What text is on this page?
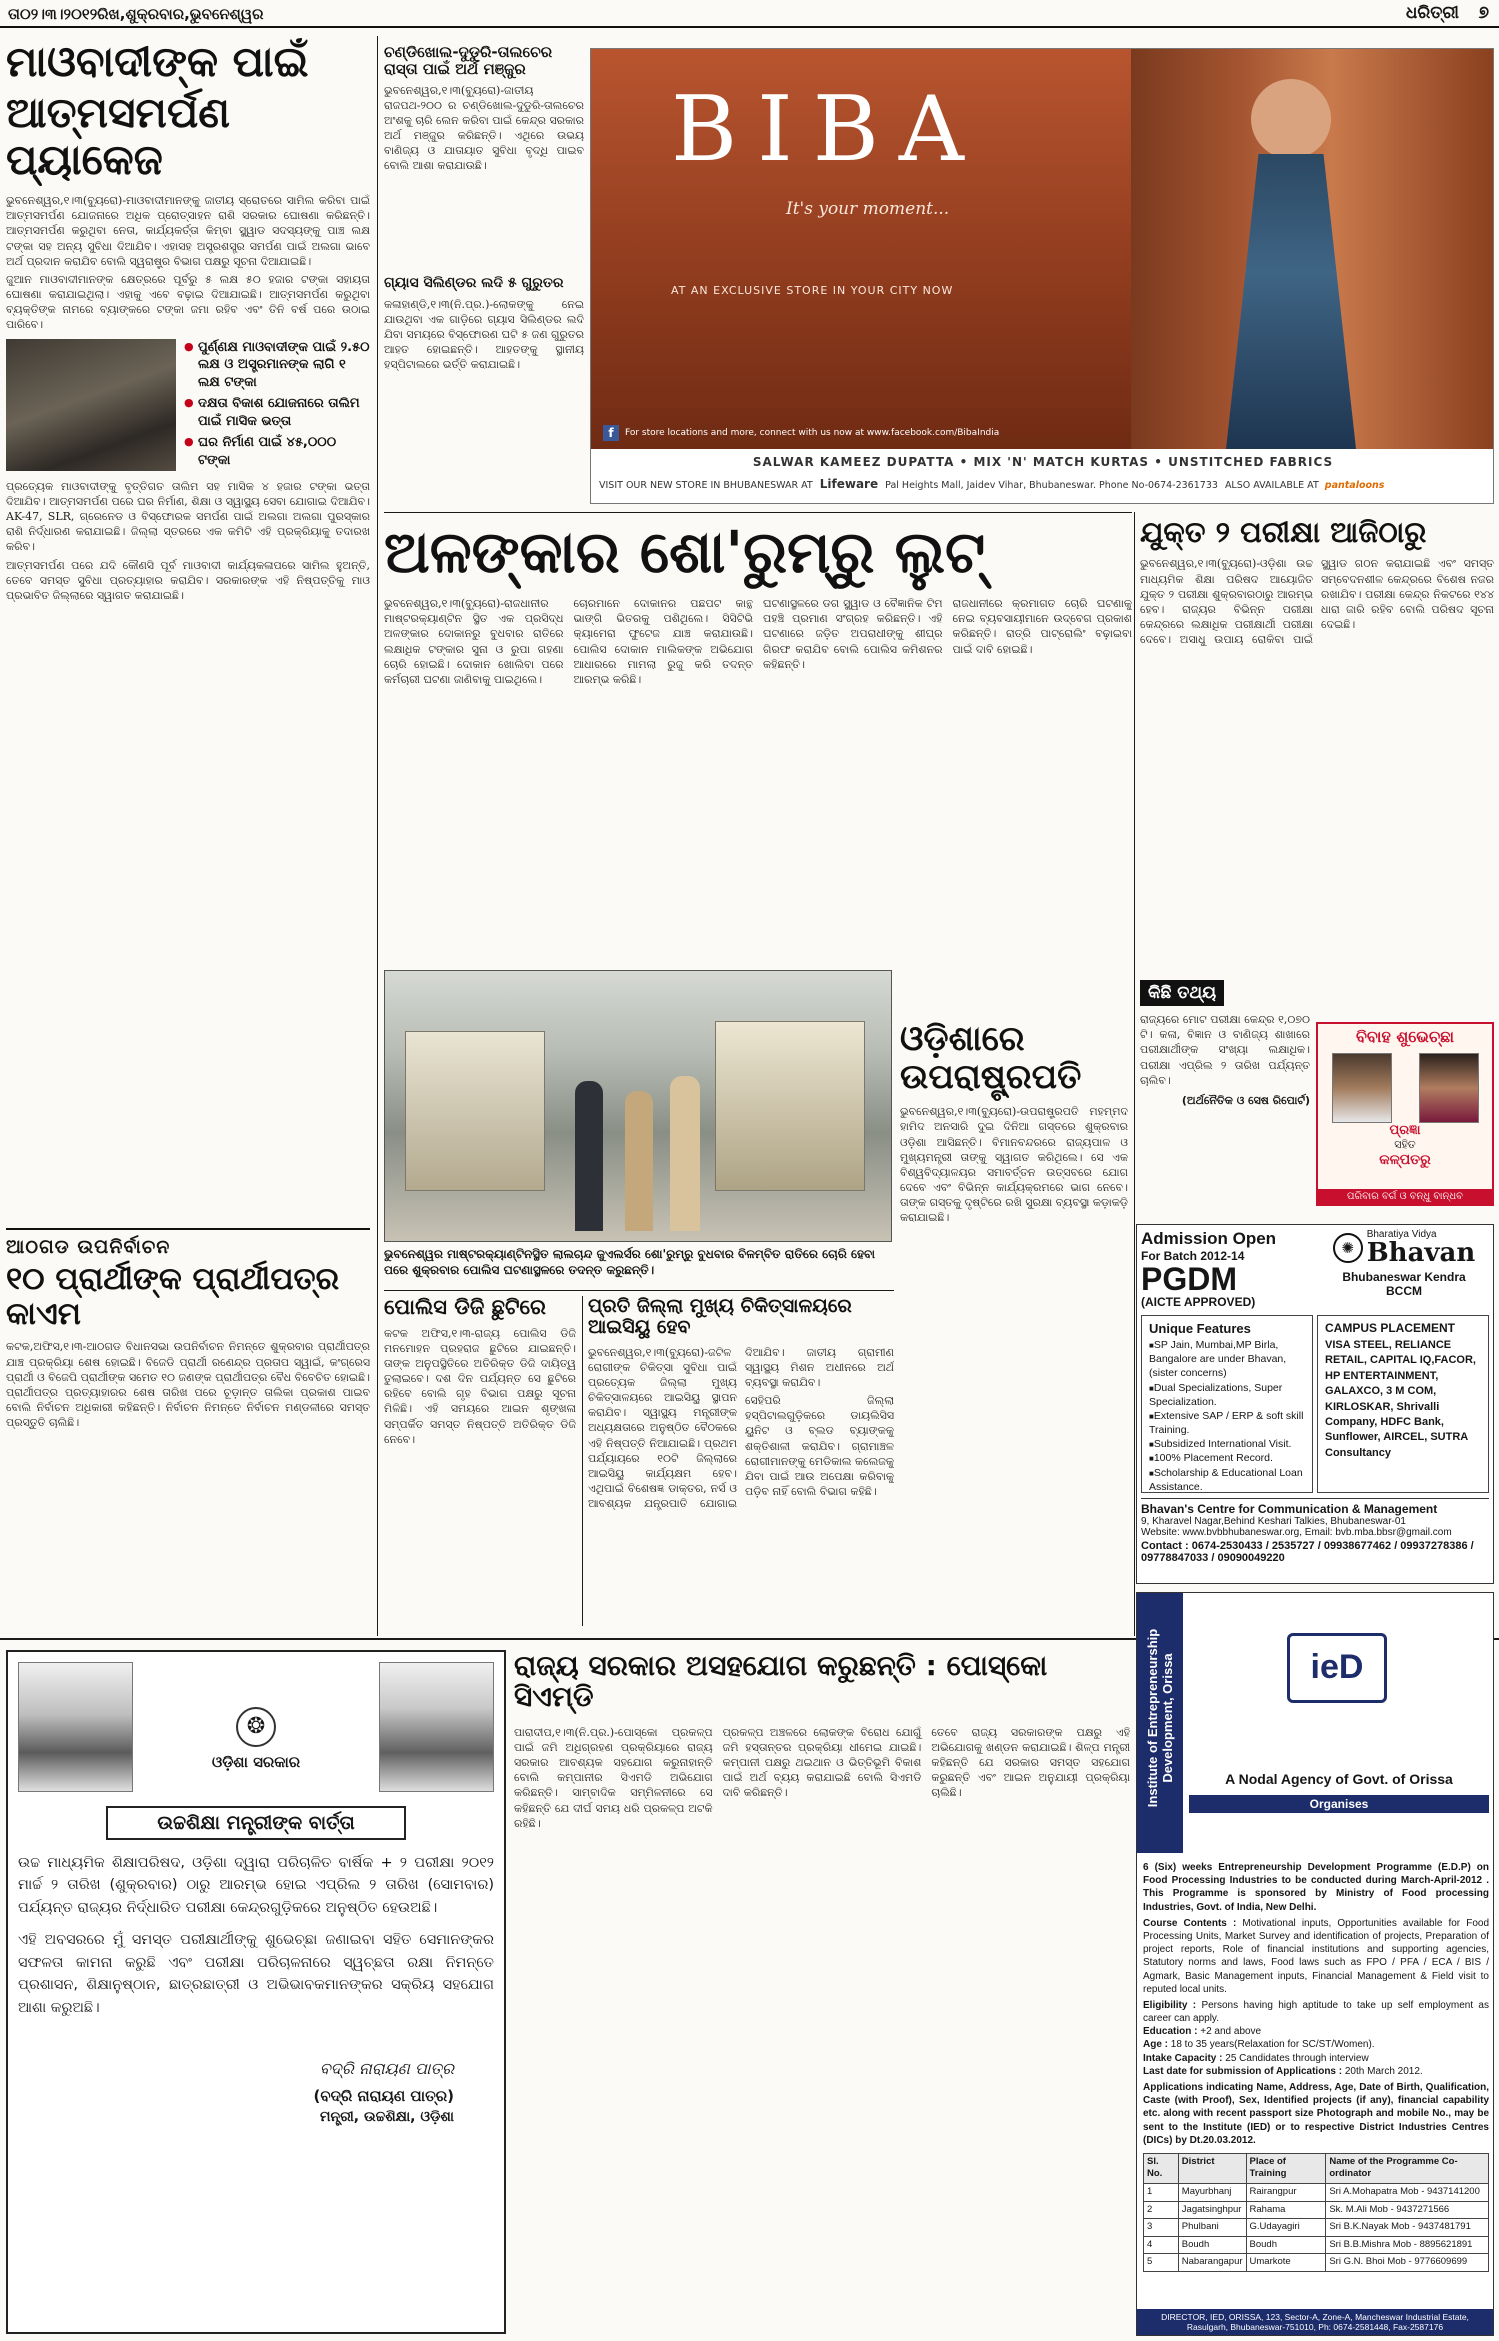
ତା୦୨।୩।୨୦୧୨ରିଖ,ଶୁକ୍ରବାର,ଭୁବନେଶ୍ୱର	ଧରିତ୍ରୀ ୭
ମାଓବାଦୀଙ୍କ ପାଇଁ
ଆତ୍ମସମର୍ପଣ ପ୍ୟାକେଜ

ଭୁବନେଶ୍ୱର,୧।୩(ବ୍ୟୁରୋ)-ମାଓବାଦୀମାନଙ୍କୁ ଜାତୀୟ ସ୍ରୋତରେ ସାମିଲ କରିବା ପାଇଁ ଆତ୍ମସମର୍ପଣ ଯୋଜନାରେ ଅଧିକ ପ୍ରୋତ୍ସାହନ ରାଶି ସରକାର ଘୋଷଣା କରିଛନ୍ତି। ଆତ୍ମସମର୍ପଣ କରୁଥିବା ନେତା, କାର୍ଯ୍ୟକର୍ତ୍ତା କିମ୍ବା ସ୍କ୍ୱାଡ ସଦସ୍ୟଙ୍କୁ ପାଞ୍ଚ ଲକ୍ଷ ଟଙ୍କା ସହ ଅନ୍ୟ ସୁବିଧା ଦିଆଯିବ। ଏହାସହ ଅସ୍ତ୍ରଶସ୍ତ୍ର ସମର୍ପଣ ପାଇଁ ଅଲଗା ଭାବେ ଅର୍ଥ ପ୍ରଦାନ କରାଯିବ ବୋଲି ସ୍ୱରାଷ୍ଟ୍ର ବିଭାଗ ପକ୍ଷରୁ ସୂଚନା ଦିଆଯାଇଛି।

ଜୁଆନ ମାଓବାଦୀମାନଙ୍କ କ୍ଷେତ୍ରରେ ପୂର୍ବରୁ ୫ ଲକ୍ଷ ୫୦ ହଜାର ଟଙ୍କା ସହାୟତା ଘୋଷଣା କରାଯାଇଥିଲା। ଏହାକୁ ଏବେ ବଢ଼ାଇ ଦିଆଯାଇଛି। ଆତ୍ମସମର୍ପଣ କରୁଥିବା ବ୍ୟକ୍ତିଙ୍କ ନାମରେ ବ୍ୟାଙ୍କରେ ଟଙ୍କା ଜମା ରହିବ ଏବଂ ତିନି ବର୍ଷ ପରେ ଉଠାଇ ପାରିବେ।

● ପୁର୍ଣ୍ଣକ୍ଷ ମାଓବାଦୀଙ୍କ ପାଇଁ ୨.୫୦ ଲକ୍ଷ ଓ ଅସ୍ତ୍ରମାନଙ୍କ ଲାଗି ୧ ଲକ୍ଷ ଟଙ୍କା
● ଦକ୍ଷତା ବିକାଶ ଯୋଜନାରେ ତାଲିମ ପାଇଁ ମାସିକ ଭତ୍ତା
● ଘର ନିର୍ମାଣ ପାଇଁ ୪୫,୦୦୦ ଟଙ୍କା

ପ୍ରତ୍ୟେକ ମାଓବାଦୀଙ୍କୁ ବୃତ୍ତିଗତ ତାଲିମ ସହ ମାସିକ ୪ ହଜାର ଟଙ୍କା ଭତ୍ତା ଦିଆଯିବ। ଆତ୍ମସମର୍ପଣ ପରେ ଘର ନିର୍ମାଣ, ଶିକ୍ଷା ଓ ସ୍ୱାସ୍ଥ୍ୟ ସେବା ଯୋଗାଇ ଦିଆଯିବ। AK-47, SLR, ଗ୍ରେନେଡ ଓ ବିସ୍ଫୋରକ ସମର୍ପଣ ପାଇଁ ଅଲଗା ଅଲଗା ପୁରସ୍କାର ରାଶି ନିର୍ଦ୍ଧାରଣ କରାଯାଇଛି। ଜିଲ୍ଲା ସ୍ତରରେ ଏକ କମିଟି ଏହି ପ୍ରକ୍ରିୟାକୁ ତଦାରଖ କରିବ।

ଆତ୍ମସମର୍ପଣ ପରେ ଯଦି କୌଣସି ପୂର୍ବ ମାଓବାଦୀ କାର୍ଯ୍ୟକଳାପରେ ସାମିଲ ହୁଅନ୍ତି, ତେବେ ସମସ୍ତ ସୁବିଧା ପ୍ରତ୍ୟାହାର କରାଯିବ। ସରକାରଙ୍କ ଏହି ନିଷ୍ପତ୍ତିକୁ ମାଓ ପ୍ରଭାବିତ ଜିଲ୍ଲାରେ ସ୍ୱାଗତ କରାଯାଇଛି।

ଆଠଗଡ ଉପନିର୍ବାଚନ
୧୦ ପ୍ରାର୍ଥୀଙ୍କ ପ୍ରାର୍ଥୀପତ୍ର କାଏମ
କଟକ,ଅଫିସ,୧।୩-ଆଠଗଡ ବିଧାନସଭା ଉପନିର୍ବାଚନ ନିମନ୍ତେ ଶୁକ୍ରବାର ପ୍ରାର୍ଥୀପତ୍ର ଯାଞ୍ଚ ପ୍ରକ୍ରିୟା ଶେଷ ହୋଇଛି। ବିଜେଡି ପ୍ରାର୍ଥୀ ରଣେନ୍ଦ୍ର ପ୍ରତାପ ସ୍ୱାଇଁ, କଂଗ୍ରେସ ପ୍ରାର୍ଥୀ ଓ ବିଜେପି ପ୍ରାର୍ଥୀଙ୍କ ସମେତ ୧୦ ଜଣଙ୍କ ପ୍ରାର୍ଥୀପତ୍ର ବୈଧ ବିବେଚିତ ହୋଇଛି। ପ୍ରାର୍ଥୀପତ୍ର ପ୍ରତ୍ୟାହାରର ଶେଷ ତାରିଖ ପରେ ଚୂଡ଼ାନ୍ତ ତାଲିକା ପ୍ରକାଶ ପାଇବ ବୋଲି ନିର୍ବାଚନ ଅଧିକାରୀ କହିଛନ୍ତି। ନିର୍ବାଚନ ନିମନ୍ତେ ନିର୍ବାଚନ ମଣ୍ଡଳୀରେ ସମସ୍ତ ପ୍ରସ୍ତୁତି ଚାଲିଛି।
ଚଣ୍ଡିଖୋଲ-ଦୁଡୁରି-ତାଲଚେର ରାସ୍ତା ପାଇଁ ଅର୍ଥ ମଞ୍ଜୁର
ଭୁବନେଶ୍ୱର,୧।୩(ବ୍ୟୁରୋ)-ଜାତୀୟ ରାଜପଥ-୨୦୦ ର ଚଣ୍ଡିଖୋଲ-ଦୁଡୁରି-ତାଲଚେର ଅଂଶକୁ ଚାରି ଲେନ କରିବା ପାଇଁ କେନ୍ଦ୍ର ସରକାର ଅର୍ଥ ମଞ୍ଜୁର କରିଛନ୍ତି। ଏଥିରେ ଉଭୟ ବାଣିଜ୍ୟ ଓ ଯାତାୟାତ ସୁବିଧା ବୃଦ୍ଧି ପାଇବ ବୋଲି ଆଶା କରାଯାଉଛି।
ଗ୍ୟାସ ସିଲିଣ୍ଡର ଲଦି ୫ ଗୁରୁତର
କଳାହାଣ୍ଡି,୧।୩(ନି.ପ୍ର.)-ଲୋକଙ୍କୁ ନେଇ ଯାଉଥିବା ଏକ ଗାଡ଼ିରେ ଗ୍ୟାସ ସିଲିଣ୍ଡର ଲଦି ଯିବା ସମୟରେ ବିସ୍ଫୋରଣ ଘଟି ୫ ଜଣ ଗୁରୁତର ଆହତ ହୋଇଛନ୍ତି। ଆହତଙ୍କୁ ସ୍ଥାନୀୟ ହସ୍ପିଟାଲରେ ଭର୍ତ୍ତି କରାଯାଇଛି।
BIBA
It's your moment...
AT AN EXCLUSIVE STORE IN YOUR CITY NOW
f	For store locations and more, connect with us now at www.facebook.com/BibaIndia
SALWAR KAMEEZ DUPATTA • MIX 'N' MATCH KURTAS • UNSTITCHED FABRICS
VISIT OUR NEW STORE IN BHUBANESWAR AT Lifeware Pal Heights Mall, Jaidev Vihar, Bhubaneswar. Phone No-0674-2361733 ALSO AVAILABLE AT pantaloons
ଅଳଙ୍କାର ଶୋ'ରୁମ୍‌ରୁ ଲୁଟ୍
ଭୁବନେଶ୍ୱର,୧।୩(ବ୍ୟୁରୋ)-ରାଜଧାନୀର ମାଷ୍ଟରକ୍ୟାଣ୍ଟିନ ସ୍ଥିତ ଏକ ପ୍ରସିଦ୍ଧ ଅଳଙ୍କାର ଦୋକାନରୁ ବୁଧବାର ରାତିରେ ଲକ୍ଷାଧିକ ଟଙ୍କାର ସୁନା ଓ ରୁପା ଗହଣା ଚୋରି ହୋଇଛି। ଦୋକାନ ଖୋଲିବା ପରେ କର୍ମଚାରୀ ଘଟଣା ଜାଣିବାକୁ ପାଇଥିଲେ।
ଚୋରମାନେ ଦୋକାନର ପଛପଟ କାନ୍ଥ ଭାଙ୍ଗି ଭିତରକୁ ପଶିଥିଲେ। ସିସିଟିଭି କ୍ୟାମେରା ଫୁଟେଜ ଯାଞ୍ଚ କରାଯାଉଛି। ପୋଲିସ ଦୋକାନ ମାଲିକଙ୍କ ଅଭିଯୋଗ ଆଧାରରେ ମାମଲା ରୁଜୁ କରି ତଦନ୍ତ ଆରମ୍ଭ କରିଛି।
ଘଟଣାସ୍ଥଳରେ ଡଗ ସ୍କ୍ୱାଡ ଓ ବୈଜ୍ଞାନିକ ଟିମ ପହଞ୍ଚି ପ୍ରମାଣ ସଂଗ୍ରହ କରିଛନ୍ତି। ଏହି ଘଟଣାରେ ଜଡ଼ିତ ଅପରାଧୀଙ୍କୁ ଶୀଘ୍ର ଗିରଫ କରାଯିବ ବୋଲି ପୋଲିସ କମିଶନର କହିଛନ୍ତି।
ରାଜଧାନୀରେ କ୍ରମାଗତ ଚୋରି ଘଟଣାକୁ ନେଇ ବ୍ୟବସାୟୀମାନେ ଉଦ୍‌ବେଗ ପ୍ରକାଶ କରିଛନ୍ତି। ରାତ୍ରି ପାଟ୍ରୋଲିଂ ବଢ଼ାଇବା ପାଇଁ ଦାବି ହୋଇଛି।
ଭୁବନେଶ୍ୱର ମାଷ୍ଟରକ୍ୟାଣ୍ଟିନସ୍ଥିତ ଲାଲଚାନ୍ଦ ଜୁଏଲର୍ସର ଶୋ'ରୁମ୍‌ରୁ ବୁଧବାର ବିଳମ୍ବିତ ରାତିରେ ଚୋରି ହେବା ପରେ ଶୁକ୍ରବାର ପୋଲିସ ଘଟଣାସ୍ଥଳରେ ତଦନ୍ତ କରୁଛନ୍ତି।
ଯୁକ୍ତ ୨ ପରୀକ୍ଷା ଆଜିଠାରୁ
ଭୁବନେଶ୍ୱର,୧।୩(ବ୍ୟୁରୋ)-ଓଡ଼ିଶା ଉଚ୍ଚ ମାଧ୍ୟମିକ ଶିକ୍ଷା ପରିଷଦ ଆୟୋଜିତ ଯୁକ୍ତ ୨ ପରୀକ୍ଷା ଶୁକ୍ରବାରଠାରୁ ଆରମ୍ଭ ହେବ। ରାଜ୍ୟର ବିଭିନ୍ନ ପରୀକ୍ଷା କେନ୍ଦ୍ରରେ ଲକ୍ଷାଧିକ ପରୀକ୍ଷାର୍ଥୀ ପରୀକ୍ଷା ଦେବେ। ଅସାଧୁ ଉପାୟ ରୋକିବା ପାଇଁ ସ୍କ୍ୱାଡ ଗଠନ କରାଯାଇଛି ଏବଂ ସମସ୍ତ ସମ୍ବେଦନଶୀଳ କେନ୍ଦ୍ରରେ ବିଶେଷ ନଜର ରଖାଯିବ। ପରୀକ୍ଷା କେନ୍ଦ୍ର ନିକଟରେ ୧୪୪ ଧାରା ଜାରି ରହିବ ବୋଲି ପରିଷଦ ସୂଚନା ଦେଇଛି।
ଓଡ଼ିଶାରେ
ଉପରାଷ୍ଟ୍ରପତି
ଭୁବନେଶ୍ୱର,୧।୩(ବ୍ୟୁରୋ)-ଉପରାଷ୍ଟ୍ରପତି ମହମ୍ମଦ ହାମିଦ ଅନସାରି ଦୁଇ ଦିନିଆ ଗସ୍ତରେ ଶୁକ୍ରବାର ଓଡ଼ିଶା ଆସିଛନ୍ତି। ବିମାନବନ୍ଦରରେ ରାଜ୍ୟପାଳ ଓ ମୁଖ୍ୟମନ୍ତ୍ରୀ ତାଙ୍କୁ ସ୍ୱାଗତ କରିଥିଲେ। ସେ ଏକ ବିଶ୍ୱବିଦ୍ୟାଳୟର ସମାବର୍ତ୍ତନ ଉତ୍ସବରେ ଯୋଗ ଦେବେ ଏବଂ ବିଭିନ୍ନ କାର୍ଯ୍ୟକ୍ରମରେ ଭାଗ ନେବେ। ତାଙ୍କ ଗସ୍ତକୁ ଦୃଷ୍ଟିରେ ରଖି ସୁରକ୍ଷା ବ୍ୟବସ୍ଥା କଡ଼ାକଡ଼ି କରାଯାଇଛି।
କିଛି ତଥ୍ୟ
ରାଜ୍ୟରେ ମୋଟ ପରୀକ୍ଷା କେନ୍ଦ୍ର ୧,୦୭୦ ଟି। କଳା, ବିଜ୍ଞାନ ଓ ବାଣିଜ୍ୟ ଶାଖାରେ ପରୀକ୍ଷାର୍ଥୀଙ୍କ ସଂଖ୍ୟା ଲକ୍ଷାଧିକ। ପରୀକ୍ଷା ଏପ୍ରିଲ ୨ ତାରିଖ ପର୍ଯ୍ୟନ୍ତ ଚାଲିବ।
(ଅର୍ଥନୈତିକ ଓ ସେଷ ରିପୋର୍ଟ)
ବିବାହ ଶୁଭେଚ୍ଛା
ପ୍ରଜ୍ଞା
ସହିତ
କଳ୍ପତରୁ
ପରିବାର ବର୍ଗ ଓ ବନ୍ଧୁ ବାନ୍ଧବ
Admission Open
For Batch 2012-14
PGDM
(AICTE APPROVED)
✺
Bharatiya Vidya
Bhavan
Bhubaneswar Kendra
BCCM
Unique Features
■ SP Jain, Mumbai,MP Birla, Bangalore are under Bhavan, (sister concerns)
■ Dual Specializations, Super Specialization.
■ Extensive SAP / ERP & soft skill Training.
■ Subsidized International Visit.
■ 100% Placement Record.
■ Scholarship & Educational Loan Assistance.
CAMPUS PLACEMENT
VISA STEEL, RELIANCE RETAIL, CAPITAL IQ,FACOR, HP ENTERTAINMENT, GALAXCO, 3 M COM, KIRLOSKAR, Shrivalli Company, HDFC Bank, Sunflower, AIRCEL, SUTRA Consultancy
Bhavan's Centre for Communication & Management
9, Kharavel Nagar,Behind Keshari Talkies, Bhubaneswar-01
Website: www.bvbbhubaneswar.org, Email: bvb.mba.bbsr@gmail.com
Contact : 0674-2530433 / 2535727 / 09938677462 / 09937278386 / 09778847033 / 09090049220
ପୋଲିସ ଡିଜି ଛୁଟିରେ
କଟକ ଅଫିସ,୧।୩-ରାଜ୍ୟ ପୋଲିସ ଡିଜି ମନମୋହନ ପ୍ରହରାଜ ଛୁଟିରେ ଯାଇଛନ୍ତି। ତାଙ୍କ ଅନୁପସ୍ଥିତିରେ ଅତିରିକ୍ତ ଡିଜି ଦାୟିତ୍ୱ ତୁଲାଇବେ। ଦଶ ଦିନ ପର୍ଯ୍ୟନ୍ତ ସେ ଛୁଟିରେ ରହିବେ ବୋଲି ଗୃହ ବିଭାଗ ପକ୍ଷରୁ ସୂଚନା ମିଳିଛି। ଏହି ସମୟରେ ଆଇନ ଶୃଙ୍ଖଳା ସମ୍ପର୍କିତ ସମସ୍ତ ନିଷ୍ପତ୍ତି ଅତିରିକ୍ତ ଡିଜି ନେବେ।
ପ୍ରତି ଜିଲ୍ଲା ମୁଖ୍ୟ ଚିକିତ୍ସାଳୟରେ ଆଇସିୟୁ ହେବ

ଭୁବନେଶ୍ୱର,୧।୩(ବ୍ୟୁରୋ)-ଜଟିଳ ରୋଗୀଙ୍କ ଚିକିତ୍ସା ସୁବିଧା ପାଇଁ ପ୍ରତ୍ୟେକ ଜିଲ୍ଲା ମୁଖ୍ୟ ଚିକିତ୍ସାଳୟରେ ଆଇସିୟୁ ସ୍ଥାପନ କରାଯିବ। ସ୍ୱାସ୍ଥ୍ୟ ମନ୍ତ୍ରୀଙ୍କ ଅଧ୍ୟକ୍ଷତାରେ ଅନୁଷ୍ଠିତ ବୈଠକରେ ଏହି ନିଷ୍ପତ୍ତି ନିଆଯାଇଛି। ପ୍ରଥମ ପର୍ଯ୍ୟାୟରେ ୧୦ଟି ଜିଲ୍ଲାରେ ଆଇସିୟୁ କାର୍ଯ୍ୟକ୍ଷମ ହେବ। ଏଥିପାଇଁ ବିଶେଷଜ୍ଞ ଡାକ୍ତର, ନର୍ସ ଓ ଆବଶ୍ୟକ ଯନ୍ତ୍ରପାତି ଯୋଗାଇ ଦିଆଯିବ। ଜାତୀୟ ଗ୍ରାମୀଣ ସ୍ୱାସ୍ଥ୍ୟ ମିଶନ ଅଧୀନରେ ଅର୍ଥ ବ୍ୟବସ୍ଥା କରାଯିବ।

ସେହିପରି ଜିଲ୍ଲା ହସ୍ପିଟାଲଗୁଡ଼ିକରେ ଡାୟଲିସିସ ୟୁନିଟ ଓ ବ୍ଲଡ ବ୍ୟାଙ୍କକୁ ଶକ୍ତିଶାଳୀ କରାଯିବ। ଗ୍ରାମାଞ୍ଚଳ ରୋଗୀମାନଙ୍କୁ ମେଡିକାଲ କଲେଜକୁ ଯିବା ପାଇଁ ଆଉ ଅପେକ୍ଷା କରିବାକୁ ପଡ଼ିବ ନାହିଁ ବୋଲି ବିଭାଗ କହିଛି।

❂
ଓଡ଼ିଶା ସରକାର
ଉଚ୍ଚଶିକ୍ଷା ମନ୍ତ୍ରୀଙ୍କ ବାର୍ତ୍ତା
ଉଚ୍ଚ ମାଧ୍ୟମିକ ଶିକ୍ଷାପରିଷଦ, ଓଡ଼ିଶା ଦ୍ୱାରା ପରିଚାଳିତ ବାର୍ଷିକ + ୨ ପରୀକ୍ଷା ୨୦୧୨ ମାର୍ଚ୍ଚ ୨ ତାରିଖ (ଶୁକ୍ରବାର) ଠାରୁ ଆରମ୍ଭ ହୋଇ ଏପ୍ରିଲ ୨ ତାରିଖ (ସୋମବାର) ପର୍ଯ୍ୟନ୍ତ ରାଜ୍ୟର ନିର୍ଦ୍ଧାରିତ ପରୀକ୍ଷା କେନ୍ଦ୍ରଗୁଡ଼ିକରେ ଅନୁଷ୍ଠିତ ହେଉଅଛି।
ଏହି ଅବସରରେ ମୁଁ ସମସ୍ତ ପରୀକ୍ଷାର୍ଥୀଙ୍କୁ ଶୁଭେଚ୍ଛା ଜଣାଇବା ସହିତ ସେମାନଙ୍କର ସଫଳତା କାମନା କରୁଛି ଏବଂ ପରୀକ୍ଷା ପରିଚାଳନାରେ ସ୍ୱଚ୍ଛତା ରକ୍ଷା ନିମନ୍ତେ ପ୍ରଶାସନ, ଶିକ୍ଷାନୁଷ୍ଠାନ, ଛାତ୍ରଛାତ୍ରୀ ଓ ଅଭିଭାବକମାନଙ୍କର ସକ୍ରିୟ ସହଯୋଗ ଆଶା କରୁଅଛି।
ବଦ୍ରି ନାରାୟଣ ପାତ୍ର
(ବଦ୍ରି ନାରାୟଣ ପାତ୍ର)
ମନ୍ତ୍ରୀ, ଉଚ୍ଚଶିକ୍ଷା, ଓଡ଼ିଶା
ରାଜ୍ୟ ସରକାର ଅସହଯୋଗ କରୁଛନ୍ତି : ପୋସ୍କୋ ସିଏମ୍‌ଡି
ପାରାଦୀପ,୧।୩(ନି.ପ୍ର.)-ପୋସ୍କୋ ପ୍ରକଳ୍ପ ପାଇଁ ଜମି ଅଧିଗ୍ରହଣ ପ୍ରକ୍ରିୟାରେ ରାଜ୍ୟ ସରକାର ଆବଶ୍ୟକ ସହଯୋଗ କରୁନାହାନ୍ତି ବୋଲି କମ୍ପାନୀର ସିଏମଡି ଅଭିଯୋଗ କରିଛନ୍ତି। ସାମ୍ବାଦିକ ସମ୍ମିଳନୀରେ ସେ କହିଛନ୍ତି ଯେ ଦୀର୍ଘ ସମୟ ଧରି ପ୍ରକଳ୍ପ ଅଟକି ରହିଛି।
ପ୍ରକଳ୍ପ ଅଞ୍ଚଳରେ ଲୋକଙ୍କ ବିରୋଧ ଯୋଗୁଁ ଜମି ହସ୍ତାନ୍ତର ପ୍ରକ୍ରିୟା ଧୀମେଇ ଯାଇଛି। କମ୍ପାନୀ ପକ୍ଷରୁ ଥଇଥାନ ଓ ଭିତ୍ତିଭୂମି ବିକାଶ ପାଇଁ ଅର୍ଥ ବ୍ୟୟ କରାଯାଇଛି ବୋଲି ସିଏମଡି ଦାବି କରିଛନ୍ତି।
ତେବେ ରାଜ୍ୟ ସରକାରଙ୍କ ପକ୍ଷରୁ ଏହି ଅଭିଯୋଗକୁ ଖଣ୍ଡନ କରାଯାଇଛି। ଶିଳ୍ପ ମନ୍ତ୍ରୀ କହିଛନ୍ତି ଯେ ସରକାର ସମସ୍ତ ସହଯୋଗ କରୁଛନ୍ତି ଏବଂ ଆଇନ ଅନୁଯାୟୀ ପ୍ରକ୍ରିୟା ଚାଲିଛି।	Institute of Entrepreneurship Development, Orissa	ieD
A Nodal Agency of Govt. of Orissa
Organises
6 (Six) weeks Entrepreneurship Development Programme (E.D.P) on Food Processing Industries to be conducted during March-April-2012 . This Programme is sponsored by Ministry of Food processing Industries, Govt. of India, New Delhi.
Course Contents : Motivational inputs, Opportunities available for Food Processing Units, Market Survey and identification of projects, Preparation of project reports, Role of financial institutions and supporting agencies, Statutory norms and laws, Food laws such as FPO / PFA / ECA / BIS / Agmark, Basic Management inputs, Financial Management & Field visit to reputed local units.
Eligibility : Persons having high aptitude to take up self employment as career can apply.
Education : +2 and above
Age : 18 to 35 years(Relaxation for SC/ST/Women).
Intake Capacity : 25 Candidates through interview
Last date for submission of Applications : 20th March 2012.
Applications indicating Name, Address, Age, Date of Birth, Qualification, Caste (with Proof), Sex, Identified projects (if any), financial capability etc. along with recent passport size Photograph and mobile No., may be sent to the Institute (IED) or to respective District Industries Centres (DICs) by Dt.20.03.2012.
Sl. No.	District	Place of Training	Name of the Programme Co-ordinator
1	Mayurbhanj	Rairangpur	Sri A.Mohapatra Mob - 9437141200
2	Jagatsinghpur	Rahama	Sk. M.Ali Mob - 9437271566
3	Phulbani	G.Udayagiri	Sri B.K.Nayak Mob - 9437481791
4	Boudh	Boudh	Sri B.B.Mishra Mob - 8895621891
5	Nabarangapur	Umarkote	Sri G.N. Bhoi Mob - 9776609699
DIRECTOR, IED, ORISSA, 123, Sector-A, Zone-A, Mancheswar Industrial Estate, Rasulgarh, Bhubaneswar-751010, Ph: 0674-2581448, Fax-2587176
